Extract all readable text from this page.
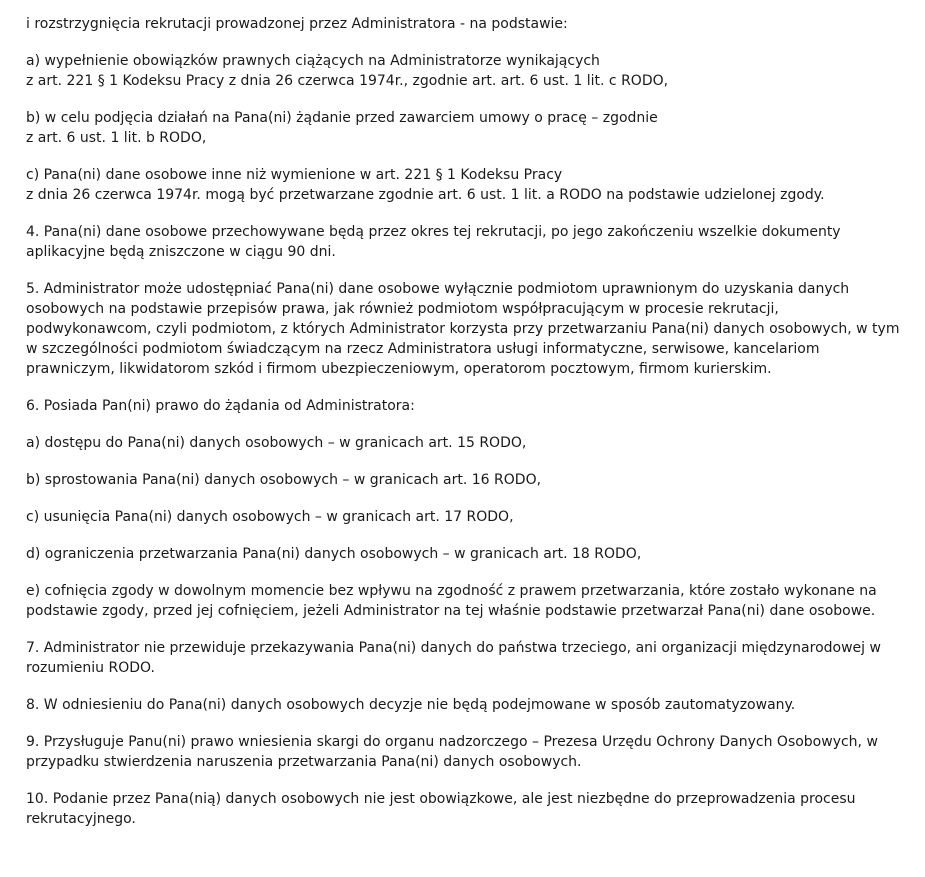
i rozstrzygnięcia rekrutacji prowadzonej przez Administratora - na podstawie:

a) wypełnienie obowiązków prawnych ciążących na Administratorze wynikających
z art. 221 § 1 Kodeksu Pracy z dnia 26 czerwca 1974r., zgodnie art. art. 6 ust. 1 lit. c RODO,

b) w celu podjęcia działań na Pana(ni) żądanie przed zawarciem umowy o pracę – zgodnie
z art. 6 ust. 1 lit. b RODO,

c) Pana(ni) dane osobowe inne niż wymienione w art. 221 § 1 Kodeksu Pracy
z dnia 26 czerwca 1974r. mogą być przetwarzane zgodnie art. 6 ust. 1 lit. a RODO na podstawie udzielonej zgody.

4. Pana(ni) dane osobowe przechowywane będą przez okres tej rekrutacji, po jego zakończeniu wszelkie dokumenty
aplikacyjne będą zniszczone w ciągu 90 dni.

5. Administrator może udostępniać Pana(ni) dane osobowe wyłącznie podmiotom uprawnionym do uzyskania danych
osobowych na podstawie przepisów prawa, jak również podmiotom współpracującym w procesie rekrutacji,
podwykonawcom, czyli podmiotom, z których Administrator korzysta przy przetwarzaniu Pana(ni) danych osobowych, w tym
w szczególności podmiotom świadczącym na rzecz Administratora usługi informatyczne, serwisowe, kancelariom
prawniczym, likwidatorom szkód i firmom ubezpieczeniowym, operatorom pocztowym, firmom kurierskim.

6. Posiada Pan(ni) prawo do żądania od Administratora:

a) dostępu do Pana(ni) danych osobowych – w granicach art. 15 RODO,

b) sprostowania Pana(ni) danych osobowych – w granicach art. 16 RODO,

c) usunięcia Pana(ni) danych osobowych – w granicach art. 17 RODO,

d) ograniczenia przetwarzania Pana(ni) danych osobowych – w granicach art. 18 RODO,

e) cofnięcia zgody w dowolnym momencie bez wpływu na zgodność z prawem przetwarzania, które zostało wykonane na
podstawie zgody, przed jej cofnięciem, jeżeli Administrator na tej właśnie podstawie przetwarzał Pana(ni) dane osobowe.

7. Administrator nie przewiduje przekazywania Pana(ni) danych do państwa trzeciego, ani organizacji międzynarodowej w
rozumieniu RODO.

8. W odniesieniu do Pana(ni) danych osobowych decyzje nie będą podejmowane w sposób zautomatyzowany.

9. Przysługuje Panu(ni) prawo wniesienia skargi do organu nadzorczego – Prezesa Urzędu Ochrony Danych Osobowych, w
przypadku stwierdzenia naruszenia przetwarzania Pana(ni) danych osobowych.

10. Podanie przez Pana(nią) danych osobowych nie jest obowiązkowe, ale jest niezbędne do przeprowadzenia procesu
rekrutacyjnego.
